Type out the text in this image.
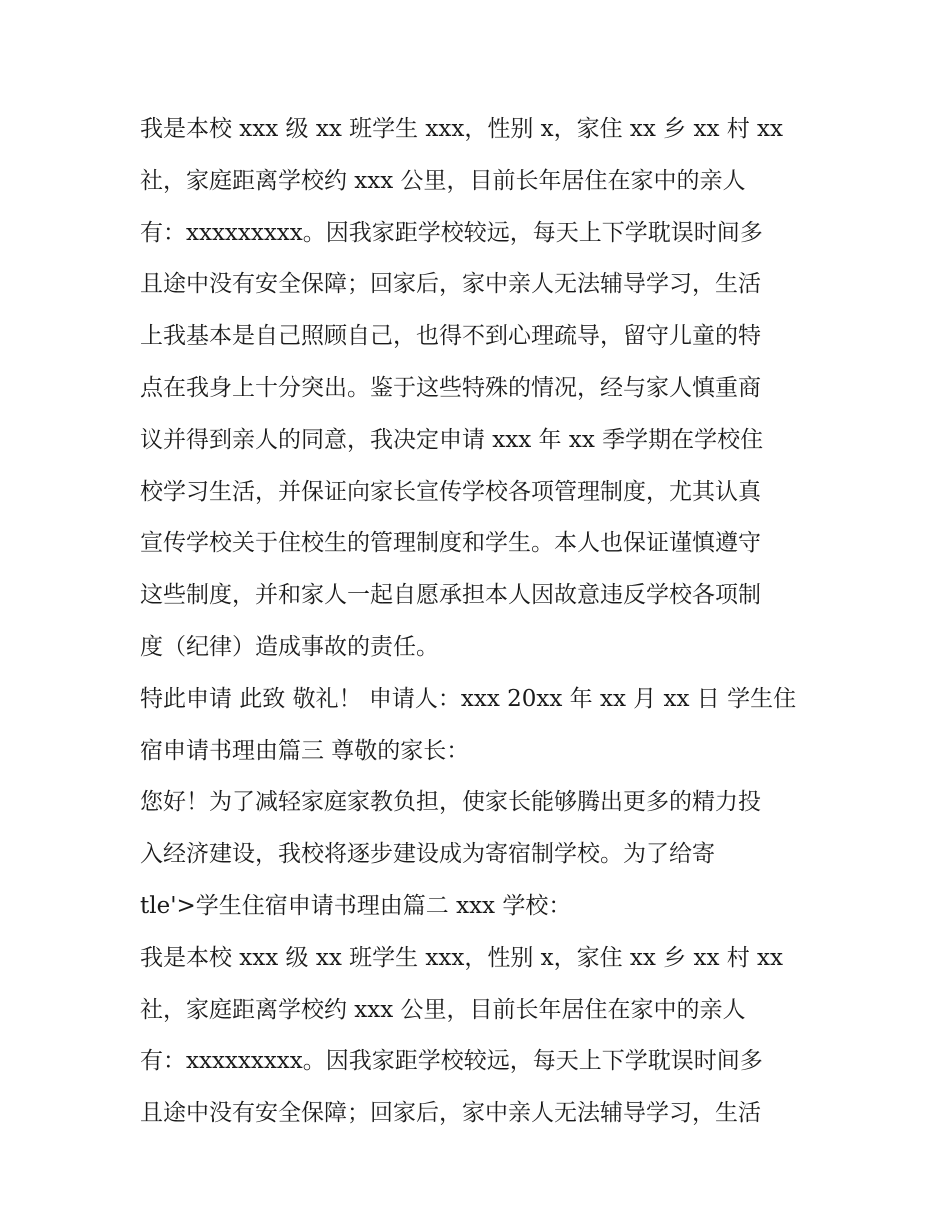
我是本校 xxx 级 xx 班学生 xxx，性别 x，家住 xx 乡 xx 村 xx
社，家庭距离学校约 xxx 公里，目前长年居住在家中的亲人
有：xxxxxxxxx。因我家距学校较远，每天上下学耽误时间多
且途中没有安全保障；回家后，家中亲人无法辅导学习，生活
上我基本是自己照顾自己，也得不到心理疏导，留守儿童的特
点在我身上十分突出。鉴于这些特殊的情况，经与家人慎重商
议并得到亲人的同意，我决定申请 xxx 年 xx 季学期在学校住
校学习生活，并保证向家长宣传学校各项管理制度，尤其认真
宣传学校关于住校生的管理制度和学生。本人也保证谨慎遵守
这些制度，并和家人一起自愿承担本人因故意违反学校各项制
度（纪律）造成事故的责任。
特此申请 此致 敬礼！ 申请人：xxx 20xx 年 xx 月 xx 日 学生住
宿申请书理由篇三 尊敬的家长：
您好！为了减轻家庭家教负担，使家长能够腾出更多的精力投
入经济建设，我校将逐步建设成为寄宿制学校。为了给寄
tle'>学生住宿申请书理由篇二 xxx 学校：
我是本校 xxx 级 xx 班学生 xxx，性别 x，家住 xx 乡 xx 村 xx
社，家庭距离学校约 xxx 公里，目前长年居住在家中的亲人
有：xxxxxxxxx。因我家距学校较远，每天上下学耽误时间多
且途中没有安全保障；回家后，家中亲人无法辅导学习，生活
